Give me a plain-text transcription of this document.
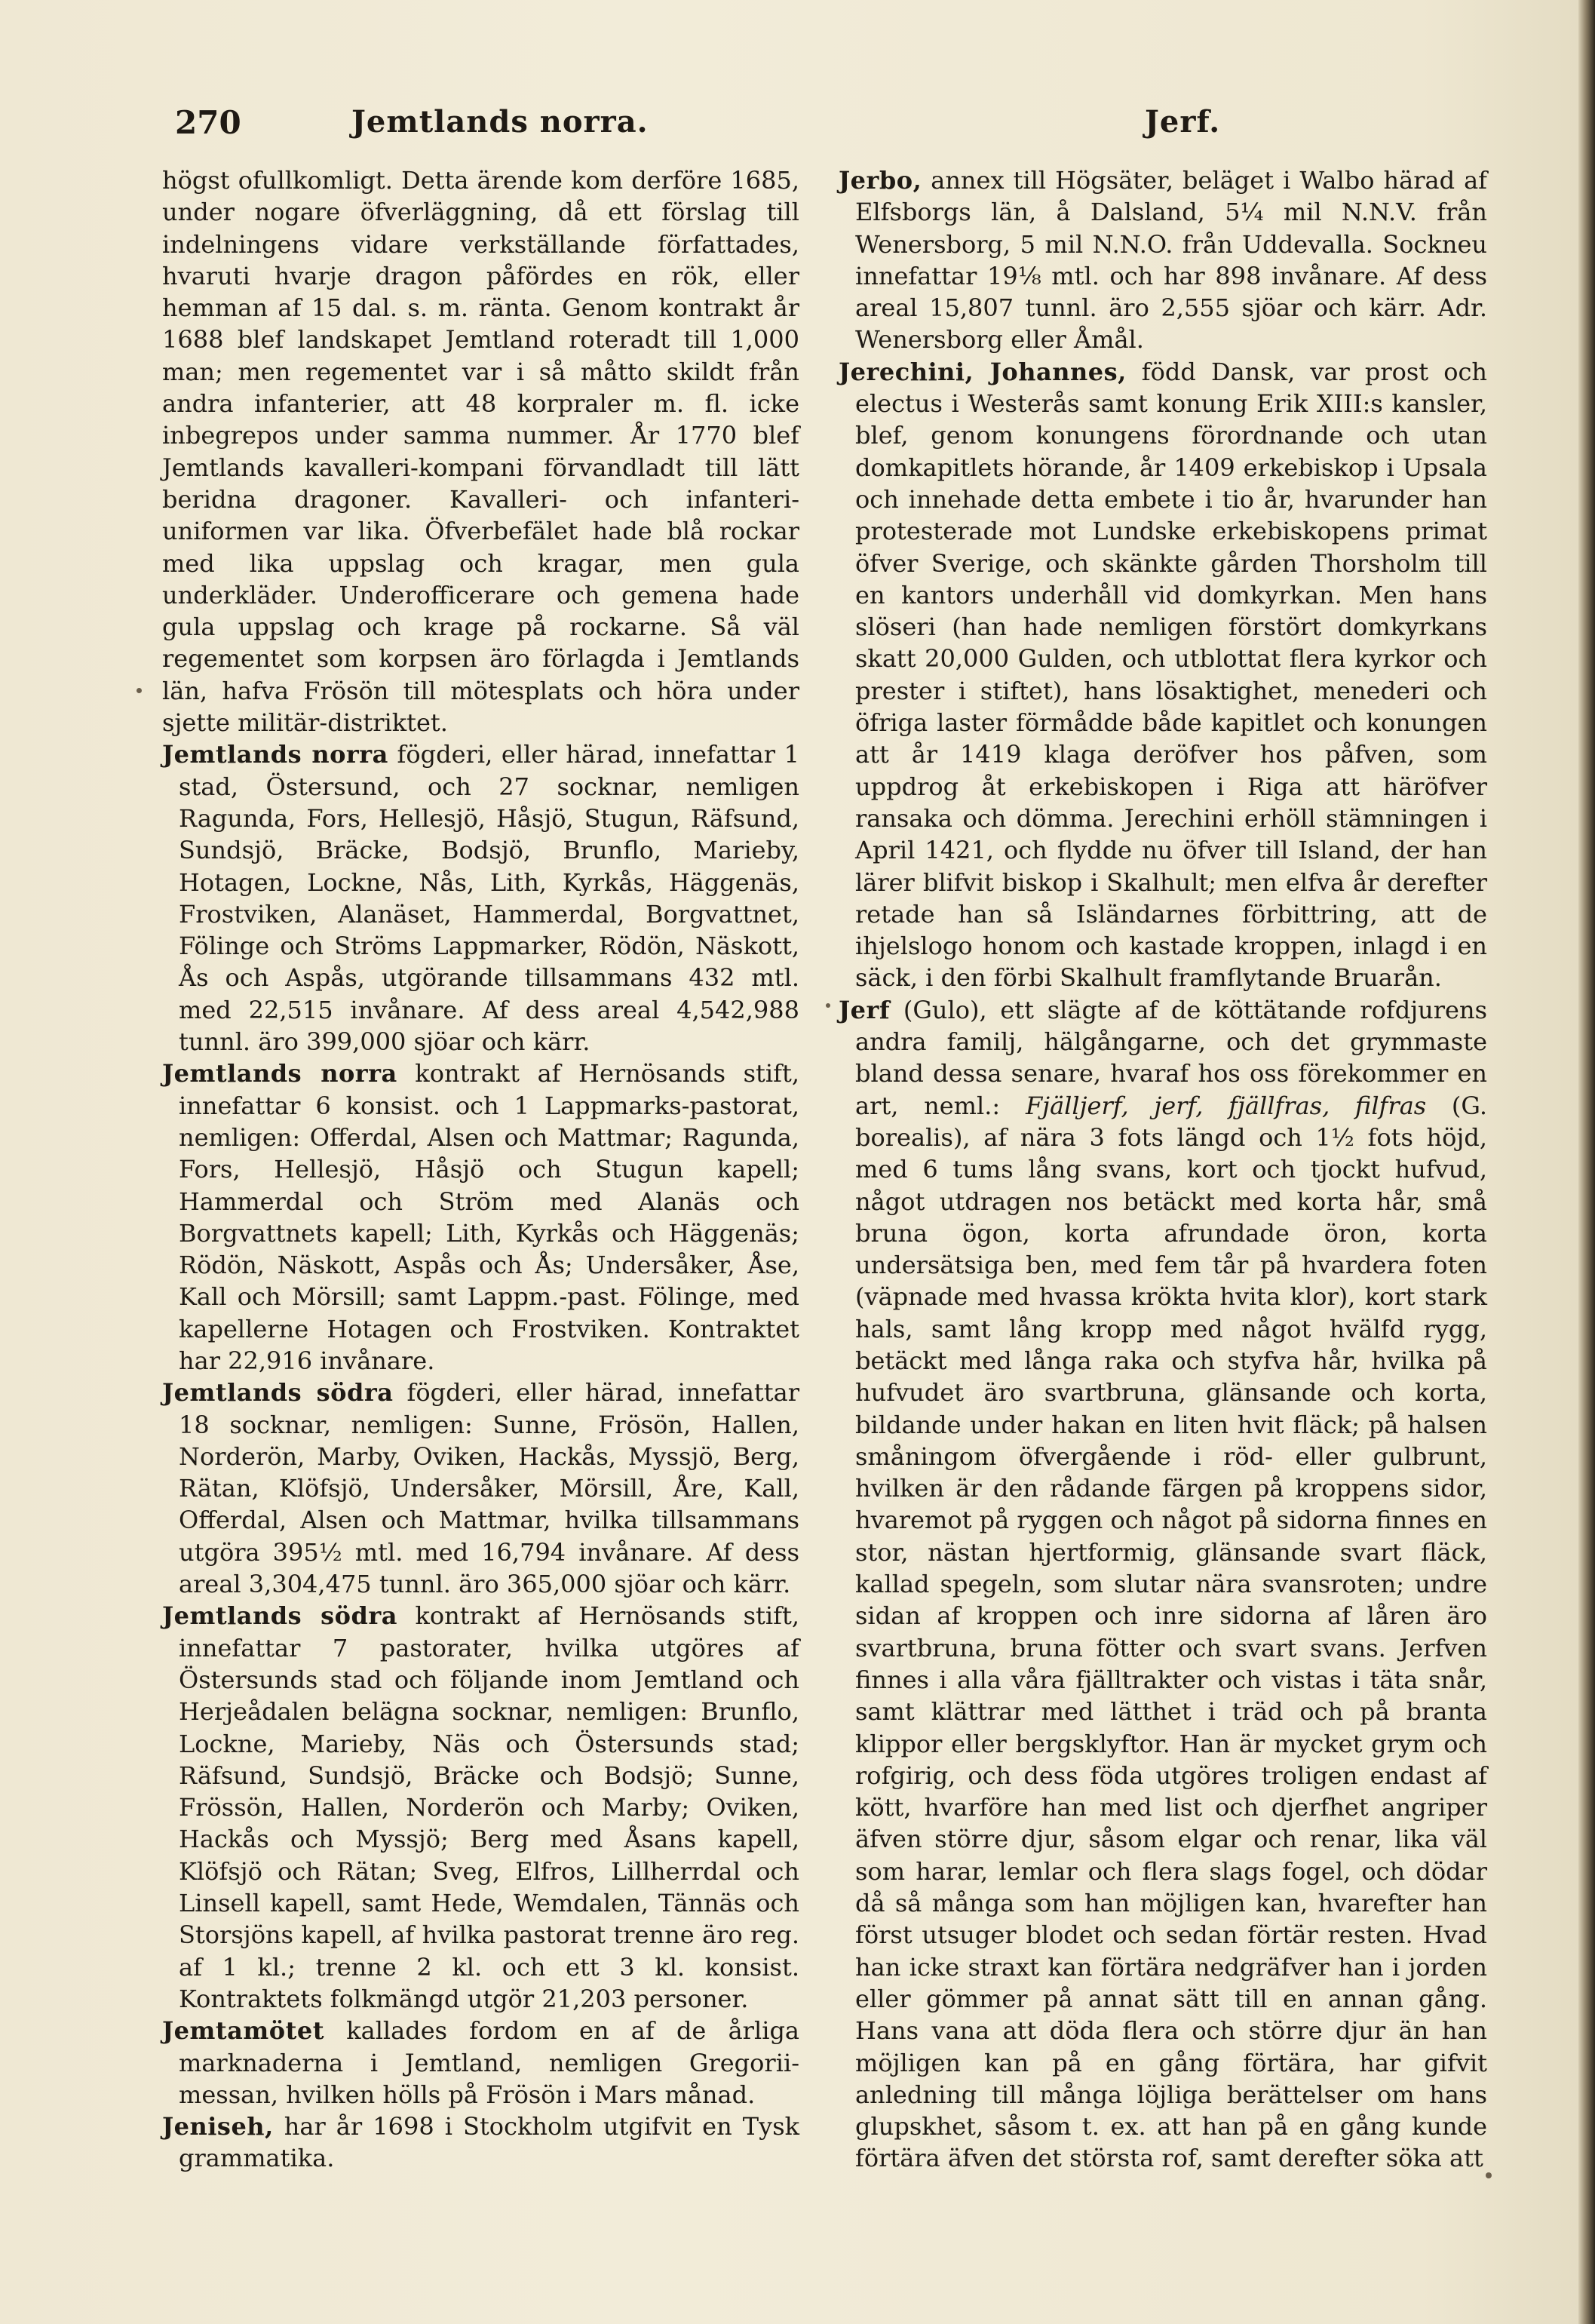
270	Jemtlands norra.	Jerf.

högst ofullkomligt. Detta ärende kom derföre 1685, under nogare öfverläggning, då ett förslag till indelningens vidare verkställande författades, hvaruti hvarje dragon påfördes en rök, eller hemman af 15 dal. s. m. ränta. Genom kontrakt år 1688 blef landskapet Jemtland roteradt till 1,000 man; men regementet var i så måtto skildt från andra infanterier, att 48 korpraler m. fl. icke inbegrepos under samma nummer. År 1770 blef Jemtlands kavalleri-kompani förvandladt till lätt beridna dragoner. Kavalleri- och infanteri-uniformen var lika. Öfverbefälet hade blå rockar med lika uppslag och kragar, men gula underkläder. Underofficerare och gemena hade gula uppslag och krage på rockarne. Så väl regementet som korpsen äro förlagda i Jemtlands län, hafva Frösön till mötesplats och höra under sjette militär-distriktet.

Jemtlands norra fögderi, eller härad, innefattar 1 stad, Östersund, och 27 socknar, nemligen Ragunda, Fors, Hellesjö, Håsjö, Stugun, Räfsund, Sundsjö, Bräcke, Bodsjö, Brunflo, Marieby, Hotagen, Lockne, Nås, Lith, Kyrkås, Häggenäs, Frostviken, Alanäset, Hammerdal, Borgvattnet, Fölinge och Ströms Lappmarker, Rödön, Näskott, Ås och Aspås, utgörande tillsammans 432 mtl. med 22,515 invånare. Af dess areal 4,542,988 tunnl. äro 399,000 sjöar och kärr.

Jemtlands norra kontrakt af Hernösands stift, innefattar 6 konsist. och 1 Lappmarks-pastorat, nemligen: Offerdal, Alsen och Mattmar; Ragunda, Fors, Hellesjö, Håsjö och Stugun kapell; Hammerdal och Ström med Alanäs och Borgvattnets kapell; Lith, Kyrkås och Häggenäs; Rödön, Näskott, Aspås och Ås; Undersåker, Åse, Kall och Mörsill; samt Lappm.-past. Fölinge, med kapellerne Hotagen och Frostviken. Kontraktet har 22,916 invånare.

Jemtlands södra fögderi, eller härad, innefattar 18 socknar, nemligen: Sunne, Frösön, Hallen, Norderön, Marby, Oviken, Hackås, Myssjö, Berg, Rätan, Klöfsjö, Undersåker, Mörsill, Åre, Kall, Offerdal, Alsen och Mattmar, hvilka tillsammans utgöra 395½ mtl. med 16,794 invånare. Af dess areal 3,304,475 tunnl. äro 365,000 sjöar och kärr.

Jemtlands södra kontrakt af Hernösands stift, innefattar 7 pastorater, hvilka utgöres af Östersunds stad och följande inom Jemtland och Herjeådalen belägna socknar, nemligen: Brunflo, Lockne, Marieby, Näs och Östersunds stad; Räfsund, Sundsjö, Bräcke och Bodsjö; Sunne, Frössön, Hallen, Norderön och Marby; Oviken, Hackås och Myssjö; Berg med Åsans kapell, Klöfsjö och Rätan; Sveg, Elfros, Lillherrdal och Linsell kapell, samt Hede, Wemdalen, Tännäs och Storsjöns kapell, af hvilka pastorat trenne äro reg. af 1 kl.; trenne 2 kl. och ett 3 kl. konsist. Kontraktets folkmängd utgör 21,203 personer.

Jemtamötet kallades fordom en af de årliga marknaderna i Jemtland, nemligen Gregorii-messan, hvilken hölls på Frösön i Mars månad.

Jeniseh, har år 1698 i Stockholm utgifvit en Tysk grammatika.

Jerbo, annex till Högsäter, beläget i Walbo härad af Elfsborgs län, å Dalsland, 5¼ mil N.N.V. från Wenersborg, 5 mil N.N.O. från Uddevalla. Sockneu innefattar 19⅛ mtl. och har 898 invånare. Af dess areal 15,807 tunnl. äro 2,555 sjöar och kärr. Adr. Wenersborg eller Åmål.

Jerechini, Johannes, född Dansk, var prost och electus i Westerås samt konung Erik XIII:s kansler, blef, genom konungens förordnande och utan domkapitlets hörande, år 1409 erkebiskop i Upsala och innehade detta embete i tio år, hvarunder han protesterade mot Lundske erkebiskopens primat öfver Sverige, och skänkte gården Thorsholm till en kantors underhåll vid domkyrkan. Men hans slöseri (han hade nemligen förstört domkyrkans skatt 20,000 Gulden, och utblottat flera kyrkor och prester i stiftet), hans lösaktighet, menederi och öfriga laster förmådde både kapitlet och konungen att år 1419 klaga deröfver hos påfven, som uppdrog åt erkebiskopen i Riga att häröfver ransaka och dömma. Jerechini erhöll stämningen i April 1421, och flydde nu öfver till Island, der han lärer blifvit biskop i Skalhult; men elfva år derefter retade han så Isländarnes förbittring, att de ihjelslogo honom och kastade kroppen, inlagd i en säck, i den förbi Skalhult framflytande Bruarån.

Jerf (Gulo), ett slägte af de köttätande rofdjurens andra familj, hälgångarne, och det grymmaste bland dessa senare, hvaraf hos oss förekommer en art, neml.: Fjälljerf, jerf, fjällfras, filfras (G. borealis), af nära 3 fots längd och 1½ fots höjd, med 6 tums lång svans, kort och tjockt hufvud, något utdragen nos betäckt med korta hår, små bruna ögon, korta afrundade öron, korta undersätsiga ben, med fem tår på hvardera foten (väpnade med hvassa krökta hvita klor), kort stark hals, samt lång kropp med något hvälfd rygg, betäckt med långa raka och styfva hår, hvilka på hufvudet äro svartbruna, glänsande och korta, bildande under hakan en liten hvit fläck; på halsen småningom öfvergående i röd- eller gulbrunt, hvilken är den rådande färgen på kroppens sidor, hvaremot på ryggen och något på sidorna finnes en stor, nästan hjertformig, glänsande svart fläck, kallad spegeln, som slutar nära svansroten; undre sidan af kroppen och inre sidorna af låren äro svartbruna, bruna fötter och svart svans. Jerfven finnes i alla våra fjälltrakter och vistas i täta snår, samt klättrar med lätthet i träd och på branta klippor eller bergsklyftor. Han är mycket grym och rofgirig, och dess föda utgöres troligen endast af kött, hvarföre han med list och djerfhet angriper äfven större djur, såsom elgar och renar, lika väl som harar, lemlar och flera slags fogel, och dödar då så många som han möjligen kan, hvarefter han först utsuger blodet och sedan förtär resten. Hvad han icke straxt kan förtära nedgräfver han i jorden eller gömmer på annat sätt till en annan gång. Hans vana att döda flera och större djur än han möjligen kan på en gång förtära, har gifvit anledning till många löjliga berättelser om hans glupskhet, såsom t. ex. att han på en gång kunde förtära äfven det största rof, samt derefter söka att
